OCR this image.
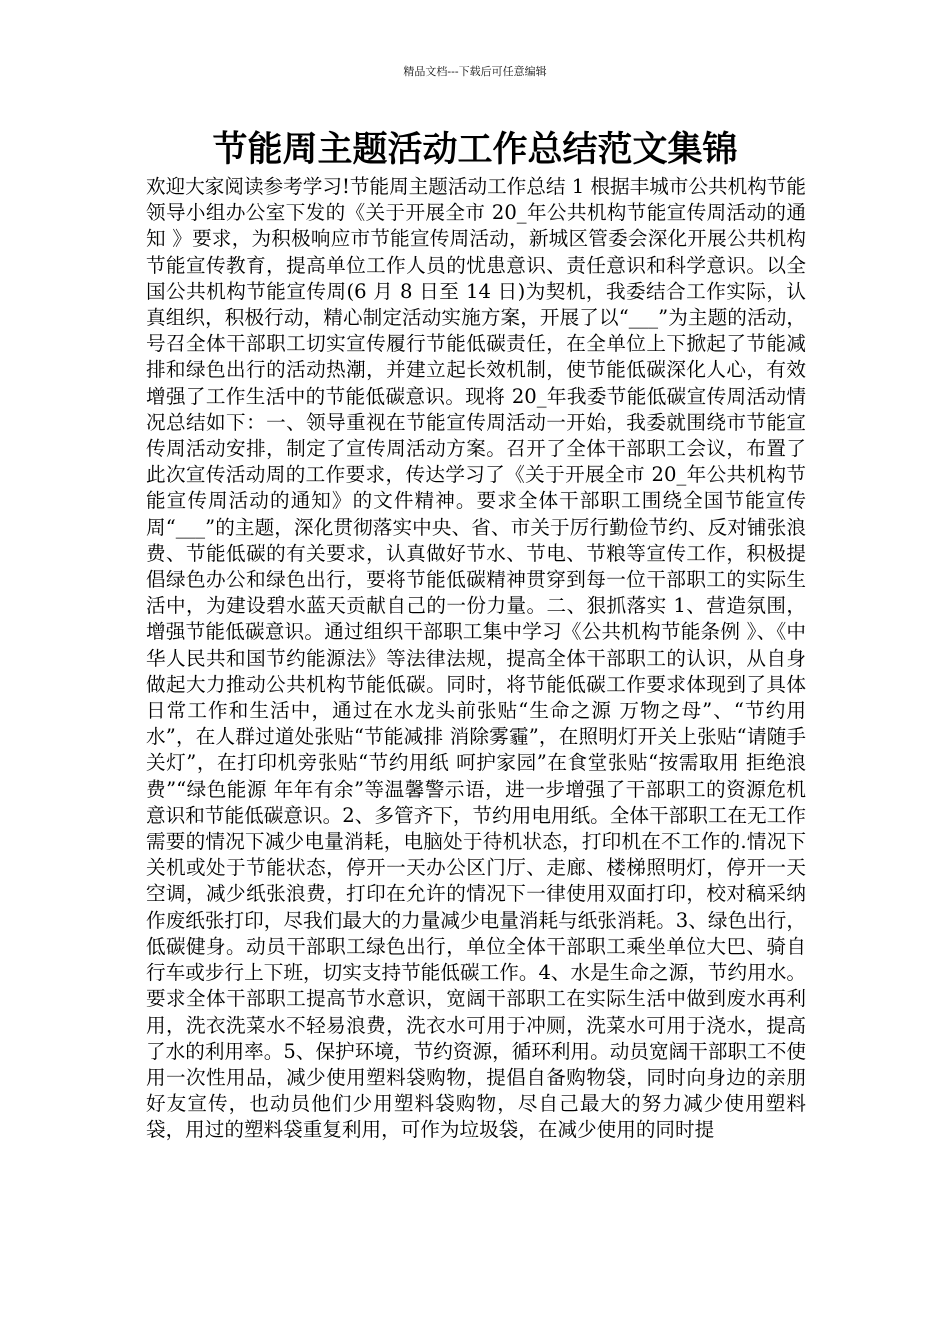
精品文档---下载后可任意编辑
节能周主题活动工作总结范文集锦

欢迎大家阅读参考学习!节能周主题活动工作总结 1 根据丰城市公共机构节能领导小组办公室下发的《关于开展全市 20_年公共机构节能宣传周活动的通知 》要求，为积极响应市节能宣传周活动，新城区管委会深化开展公共机构节能宣传教育，提高单位工作人员的忧患意识、责任意识和科学意识。以全国公共机构节能宣传周(6 月 8 日至 14 日)为契机，我委结合工作实际，认真组织，积极行动，精心制定活动实施方案，开展了以“___”为主题的活动，号召全体干部职工切实宣传履行节能低碳责任，在全单位上下掀起了节能减排和绿色出行的活动热潮，并建立起长效机制，使节能低碳深化人心，有效增强了工作生活中的节能低碳意识。现将 20_年我委节能低碳宣传周活动情况总结如下：一、领导重视在节能宣传周活动一开始，我委就围绕市节能宣传周活动安排，制定了宣传周活动方案。召开了全体干部职工会议，布置了此次宣传活动周的工作要求，传达学习了《关于开展全市 20_年公共机构节能宣传周活动的通知》的文件精神。要求全体干部职工围绕全国节能宣传周“___”的主题，深化贯彻落实中央、省、市关于厉行勤俭节约、反对铺张浪费、节能低碳的有关要求，认真做好节水、节电、节粮等宣传工作，积极提倡绿色办公和绿色出行，要将节能低碳精神贯穿到每一位干部职工的实际生活中，为建设碧水蓝天贡献自己的一份力量。二、狠抓落实 1、营造氛围，增强节能低碳意识。通过组织干部职工集中学习《公共机构节能条例 》、《中华人民共和国节约能源法》等法律法规，提高全体干部职工的认识，从自身做起大力推动公共机构节能低碳。同时，将节能低碳工作要求体现到了具体日常工作和生活中，通过在水龙头前张贴“生命之源 万物之母”、“节约用水”，在人群过道处张贴“节能减排 消除雾霾”，在照明灯开关上张贴“请随手关灯”，在打印机旁张贴“节约用纸 呵护家园”在食堂张贴“按需取用 拒绝浪费”“绿色能源 年年有余”等温馨警示语，进一步增强了干部职工的资源危机意识和节能低碳意识。2、多管齐下，节约用电用纸。全体干部职工在无工作需要的情况下减少电量消耗，电脑处于待机状态，打印机在不工作的.情况下关机或处于节能状态，停开一天办公区门厅、走廊、楼梯照明灯，停开一天空调，减少纸张浪费，打印在允许的情况下一律使用双面打印，校对稿采纳作废纸张打印，尽我们最大的力量减少电量消耗与纸张消耗。3、绿色出行，低碳健身。动员干部职工绿色出行，单位全体干部职工乘坐单位大巴、骑自行车或步行上下班，切实支持节能低碳工作。4、水是生命之源，节约用水。要求全体干部职工提高节水意识，宽阔干部职工在实际生活中做到废水再利用，洗衣洗菜水不轻易浪费，洗衣水可用于冲厕，洗菜水可用于浇水，提高了水的利用率。5、保护环境，节约资源，循环利用。动员宽阔干部职工不使用一次性用品，减少使用塑料袋购物，提倡自备购物袋，同时向身边的亲朋好友宣传，也动员他们少用塑料袋购物，尽自己最大的努力减少使用塑料袋，用过的塑料袋重复利用，可作为垃圾袋，在减少使用的同时提
